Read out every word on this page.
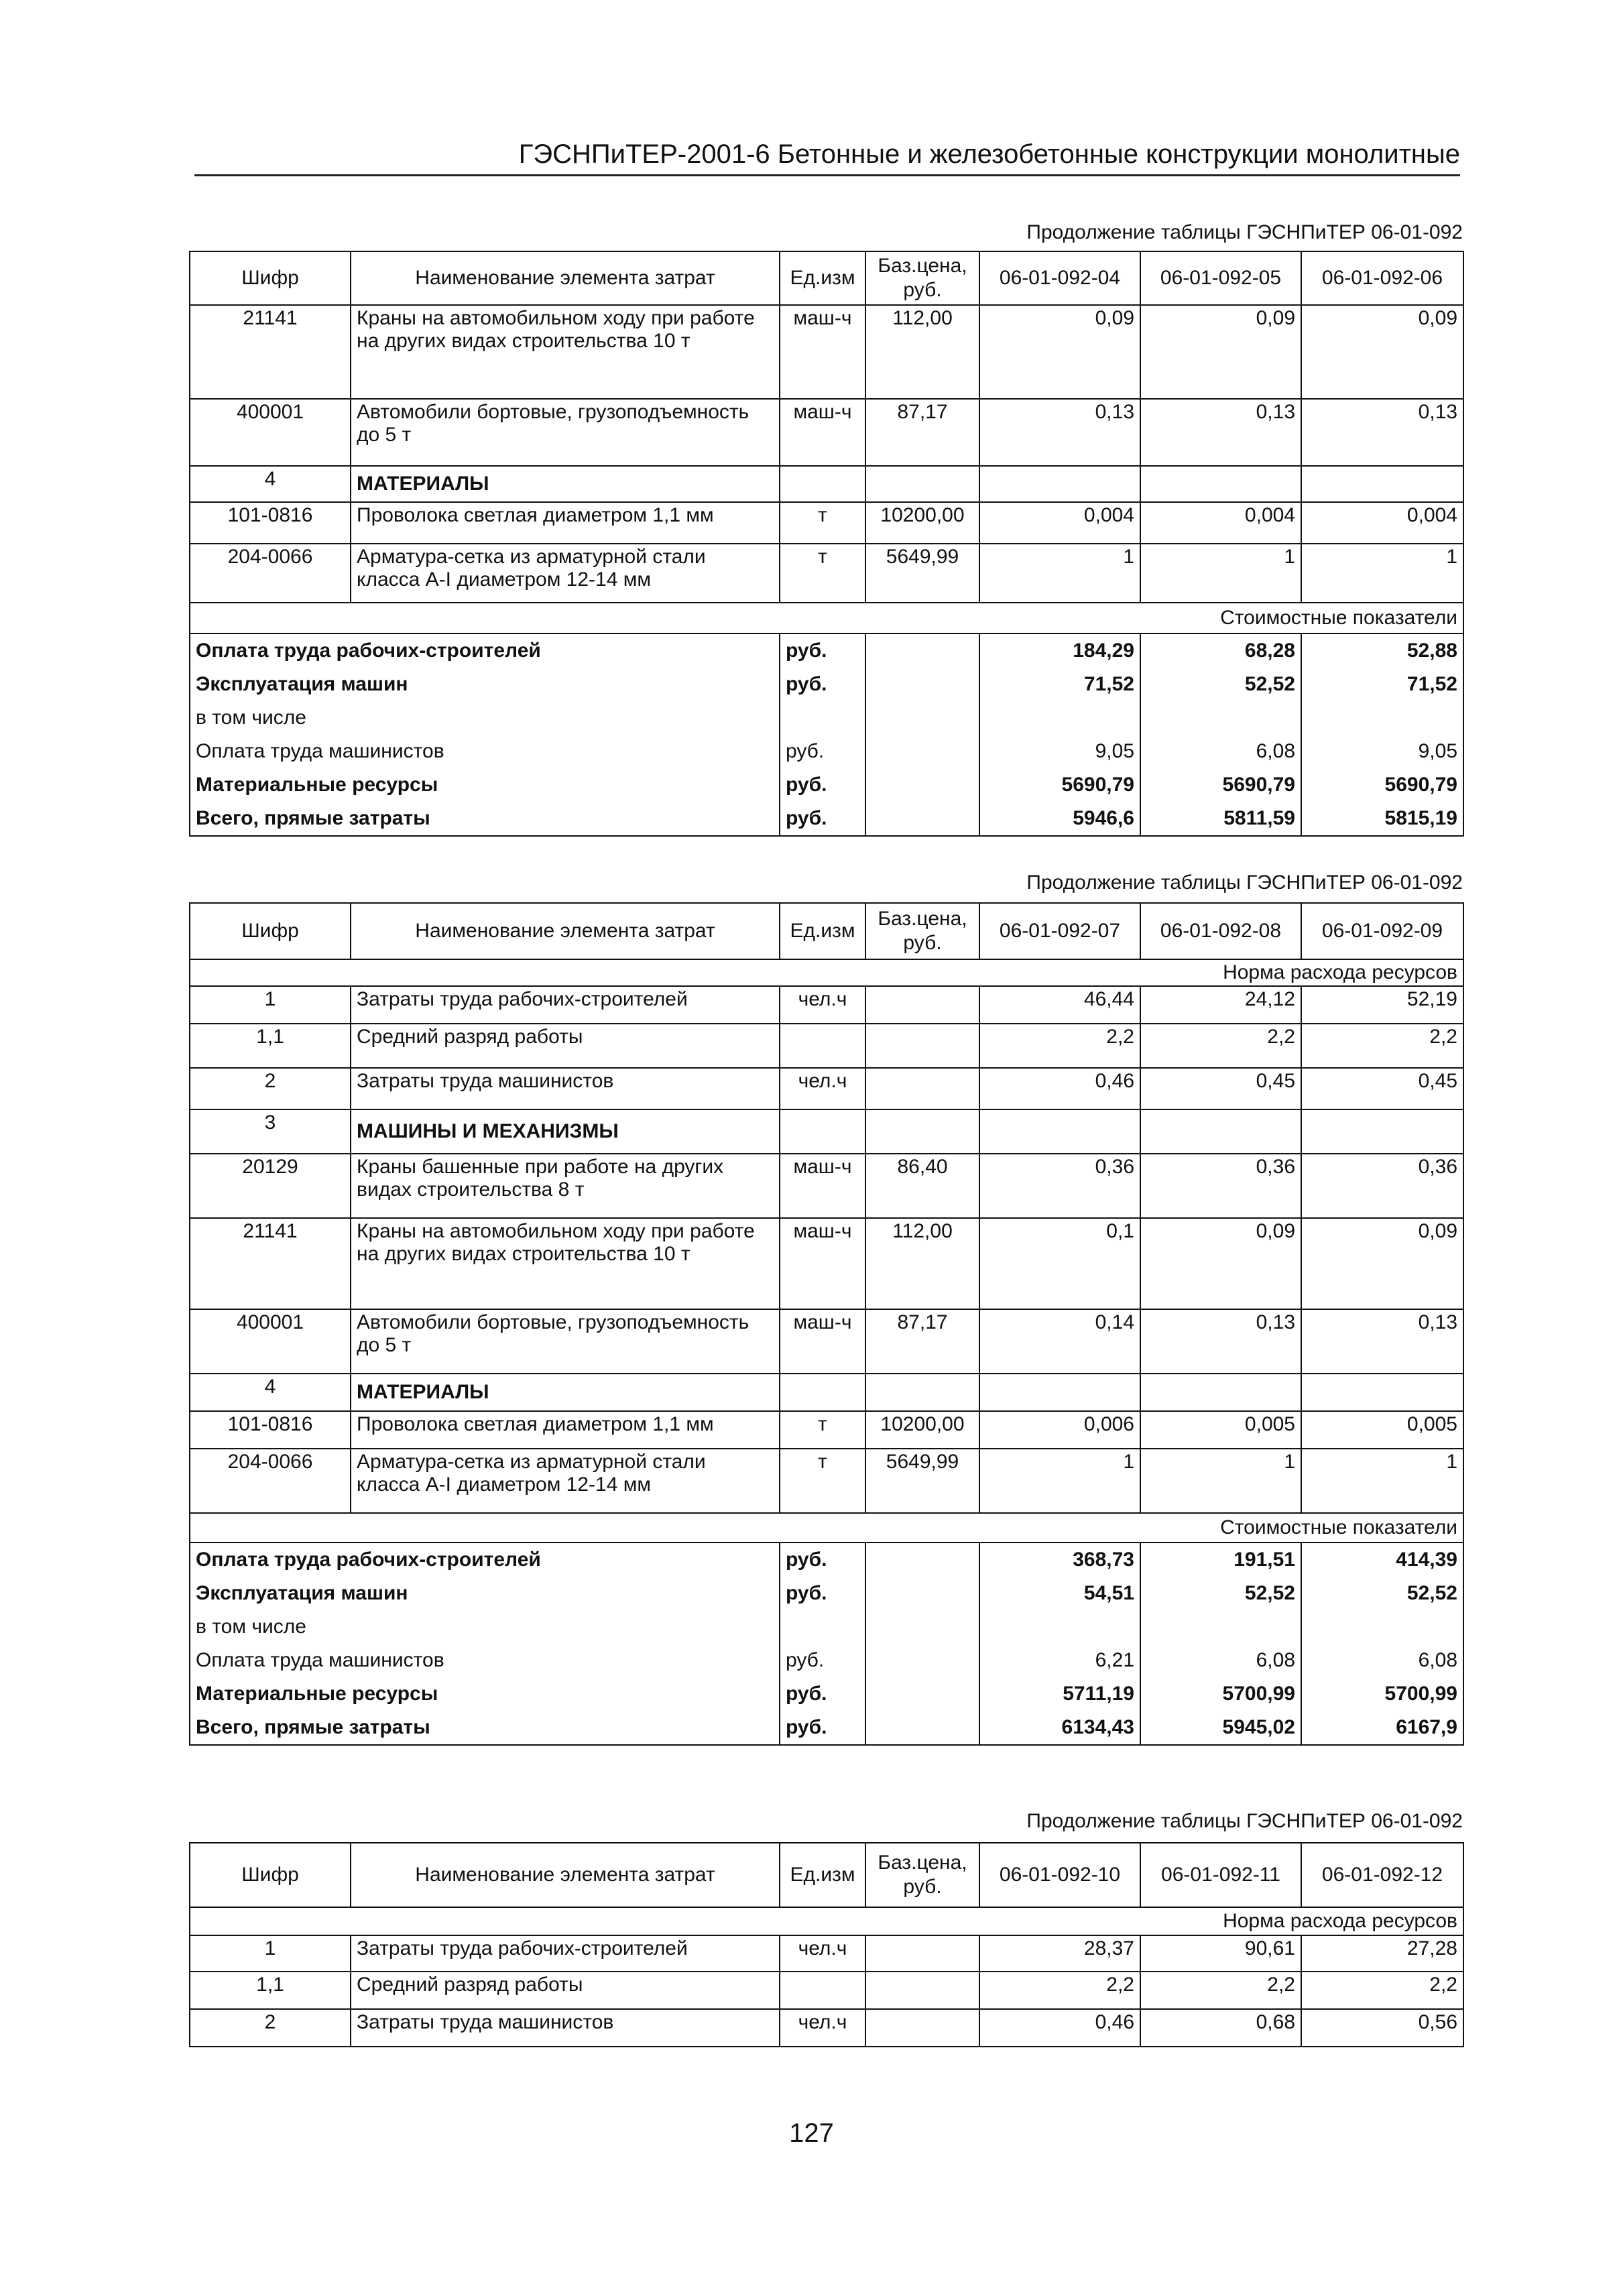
ГЭСНПиТЕР-2001-6 Бетонные и железобетонные конструкции монолитные
Продолжение таблицы ГЭСНПиТЕР 06-01-092
Шифр	Наименование элемента затрат	Ед.изм	Баз.цена, руб.	06-01-092-04	06-01-092-05	06-01-092-06
21141	Краны на автомобильном ходу при работе на других видах строительства 10 т	маш-ч	112,00	0,09	0,09	0,09
400001	Автомобили бортовые, грузоподъемность до 5 т	маш-ч	87,17	0,13	0,13	0,13
4	МАТЕРИАЛЫ					
101-0816	Проволока светлая диаметром 1,1 мм	т	10200,00	0,004	0,004	0,004
204-0066	Арматура-сетка из арматурной стали класса А-I диаметром 12-14 мм	т	5649,99	1	1	1
Стоимостные показатели						
Оплата труда рабочих-строителей		руб.		184,29	68,28	52,88
Эксплуатация машин		руб.		71,52	52,52	71,52
в том числе						
Оплата труда машинистов		руб.		9,05	6,08	9,05
Материальные ресурсы		руб.		5690,79	5690,79	5690,79
Всего, прямые затраты		руб.		5946,6	5811,59	5815,19
Продолжение таблицы ГЭСНПиТЕР 06-01-092
Шифр	Наименование элемента затрат	Ед.изм	Баз.цена, руб.	06-01-092-07	06-01-092-08	06-01-092-09
Норма расхода ресурсов						
1	Затраты труда рабочих-строителей	чел.ч		46,44	24,12	52,19
1,1	Средний разряд работы			2,2	2,2	2,2
2	Затраты труда машинистов	чел.ч		0,46	0,45	0,45
3	МАШИНЫ И МЕХАНИЗМЫ					
20129	Краны башенные при работе на других видах строительства 8 т	маш-ч	86,40	0,36	0,36	0,36
21141	Краны на автомобильном ходу при работе на других видах строительства 10 т	маш-ч	112,00	0,1	0,09	0,09
400001	Автомобили бортовые, грузоподъемность до 5 т	маш-ч	87,17	0,14	0,13	0,13
4	МАТЕРИАЛЫ					
101-0816	Проволока светлая диаметром 1,1 мм	т	10200,00	0,006	0,005	0,005
204-0066	Арматура-сетка из арматурной стали класса А-I диаметром 12-14 мм	т	5649,99	1	1	1
Стоимостные показатели						
Оплата труда рабочих-строителей		руб.		368,73	191,51	414,39
Эксплуатация машин		руб.		54,51	52,52	52,52
в том числе						
Оплата труда машинистов		руб.		6,21	6,08	6,08
Материальные ресурсы		руб.		5711,19	5700,99	5700,99
Всего, прямые затраты		руб.		6134,43	5945,02	6167,9
Продолжение таблицы ГЭСНПиТЕР 06-01-092
Шифр	Наименование элемента затрат	Ед.изм	Баз.цена, руб.	06-01-092-10	06-01-092-11	06-01-092-12
Норма расхода ресурсов						
1	Затраты труда рабочих-строителей	чел.ч		28,37	90,61	27,28
1,1	Средний разряд работы			2,2	2,2	2,2
2	Затраты труда машинистов	чел.ч		0,46	0,68	0,56
127
